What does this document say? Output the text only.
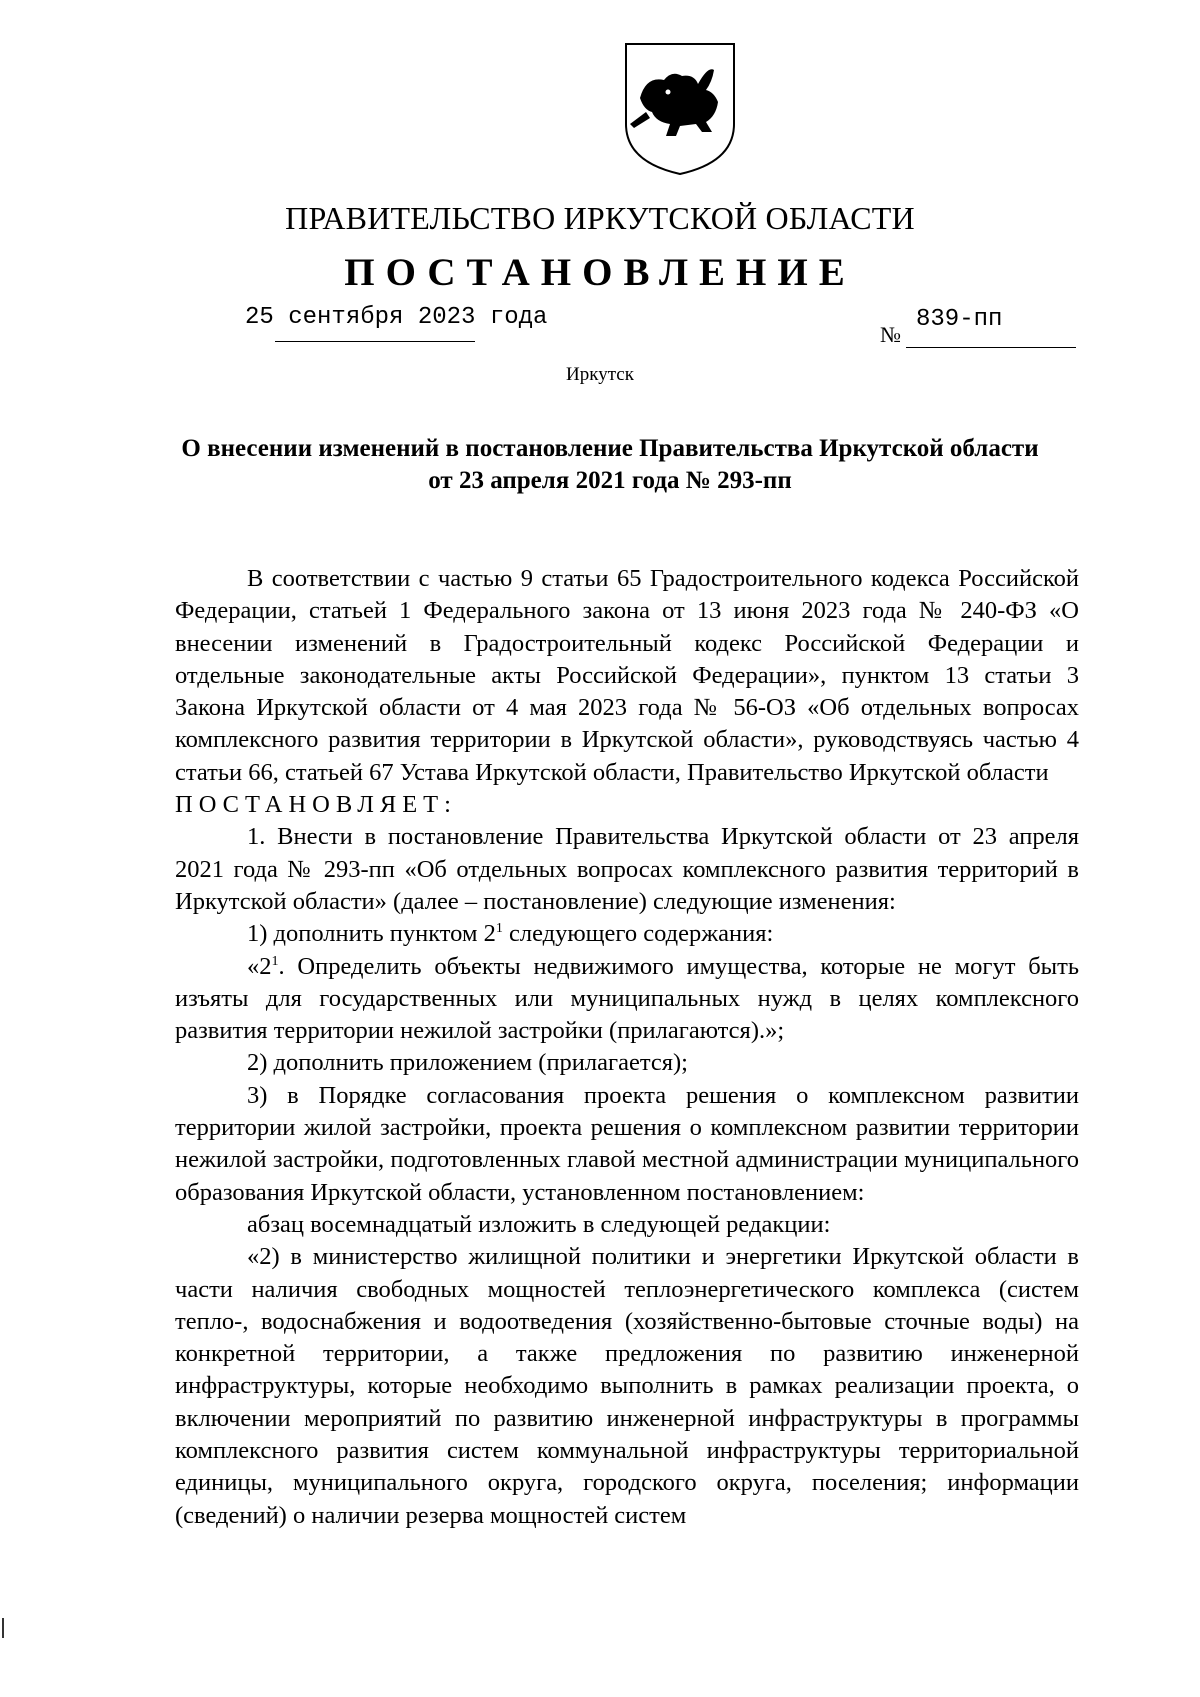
ПРАВИТЕЛЬСТВО ИРКУТСКОЙ ОБЛАСТИ
ПОСТАНОВЛЕНИЕ
25 сентября 2023 года
№
839-пп
Иркутск
О внесении изменений в постановление Правительства Иркутской области
от 23 апреля 2021 года № 293-пп

В соответствии с частью 9 статьи 65 Градостроительного кодекса Российской Федерации, статьей 1 Федерального закона от 13 июня 2023 года № 240-ФЗ «О внесении изменений в Градостроительный кодекс Российской Федерации и отдельные законодательные акты Российской Федерации», пунктом 13 статьи 3 Закона Иркутской области от 4 мая 2023 года № 56-ОЗ «Об отдельных вопросах комплексного развития территории в Иркутской области», руководствуясь частью 4 статьи 66, статьей 67 Устава Иркутской области, Правительство Иркутской области

ПОСТАНОВЛЯЕТ:

1. Внести в постановление Правительства Иркутской области от 23 апреля 2021 года № 293-пп «Об отдельных вопросах комплексного развития территорий в Иркутской области» (далее – постановление) следующие изменения:

1) дополнить пунктом $2^1$ следующего содержания:

«$2^1$. Определить объекты недвижимого имущества, которые не могут быть изъяты для государственных или муниципальных нужд в целях комплексного развития территории нежилой застройки (прилагаются).»;

2) дополнить приложением (прилагается);

3) в Порядке согласования проекта решения о комплексном развитии территории жилой застройки, проекта решения о комплексном развитии территории нежилой застройки, подготовленных главой местной администрации муниципального образования Иркутской области, установленном постановлением:

абзац восемнадцатый изложить в следующей редакции:

«2) в министерство жилищной политики и энергетики Иркутской области в части наличия свободных мощностей теплоэнергетического комплекса (систем тепло-, водоснабжения и водоотведения (хозяйственно-бытовые сточные воды) на конкретной территории, а также предложения по развитию инженерной инфраструктуры, которые необходимо выполнить в рамках реализации проекта, о включении мероприятий по развитию инженерной инфраструктуры в программы комплексного развития систем коммунальной инфраструктуры территориальной единицы, муниципального округа, городского округа, поселения; информации (сведений) о наличии резерва мощностей систем
